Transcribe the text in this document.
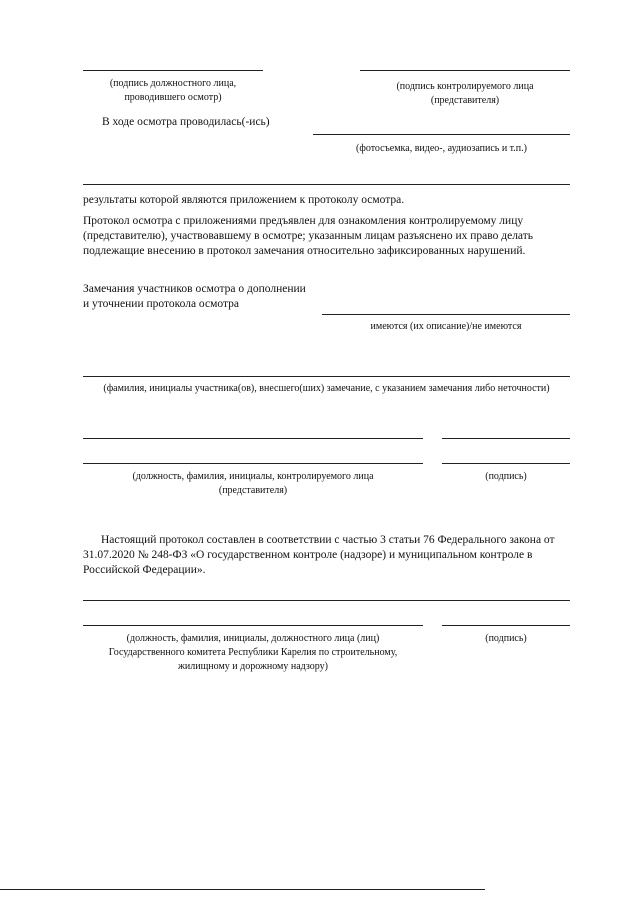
(подпись должностного лица,
проводившего осмотр)
(подпись контролируемого лица
(представителя)
В ходе осмотра проводилась(-ись)
(фотосъемка, видео-, аудиозапись и т.п.)
результаты которой являются приложением к протоколу осмотра.
Протокол осмотра с приложениями предъявлен для ознакомления контролируемому лицу
(представителю), участвовавшему в осмотре; указанным лицам разъяснено их право делать
подлежащие внесению в протокол замечания относительно зафиксированных нарушений.
Замечания участников осмотра о дополнении
и уточнении протокола осмотра
имеются (их описание)/не имеются
(фамилия, инициалы участника(ов), внесшего(ших) замечание, с указанием замечания либо неточности)
(должность, фамилия, инициалы, контролируемого лица
(представителя)
(подпись)
Настоящий протокол составлен в соответствии с частью 3 статьи 76 Федерального закона от
31.07.2020 № 248-ФЗ «О государственном контроле (надзоре) и муниципальном контроле в
Российской Федерации».
(должность, фамилия, инициалы, должностного лица (лиц)
Государственного комитета Республики Карелия по строительному,
жилищному и дорожному надзору)
(подпись)
